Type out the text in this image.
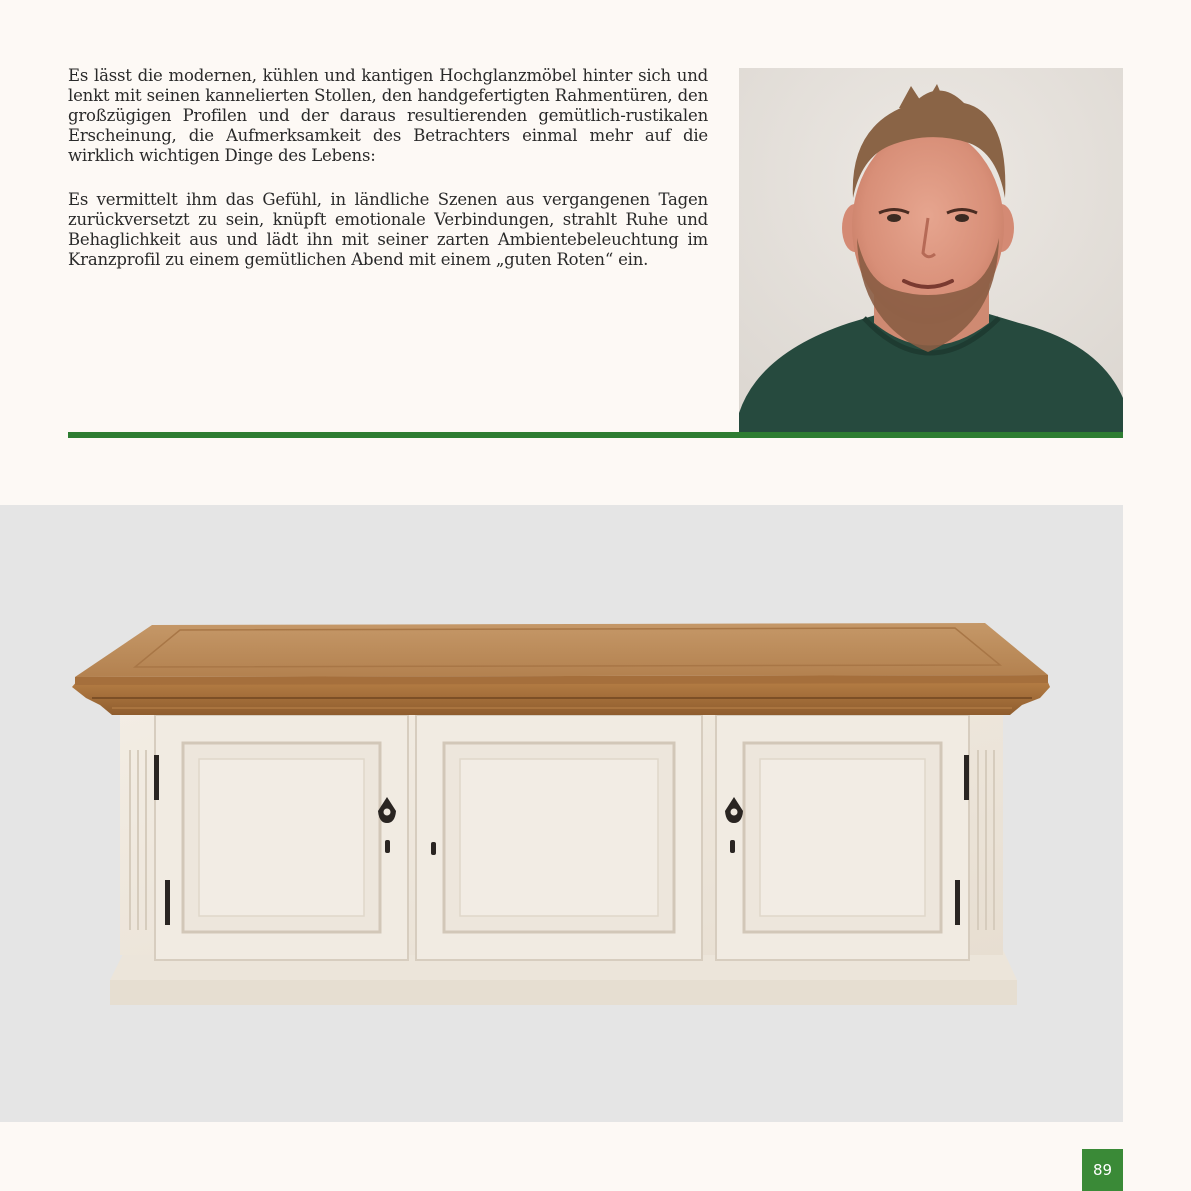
Es lässt die modernen, kühlen und kantigen Hochglanzmöbel hinter sich und lenkt mit seinen kannelierten Stollen, den handgefertigten Rahmentüren, den großzügigen Profilen und der daraus resultierenden gemütlich-rustikalen Erscheinung, die Aufmerksamkeit des Betrachters einmal mehr auf die wirklich wichtigen Dinge des Lebens:

Es vermittelt ihm das Gefühl, in ländliche Szenen aus vergangenen Tagen zurückversetzt zu sein, knüpft emotionale Verbindungen, strahlt Ruhe und Behaglichkeit aus und lädt ihn mit seiner zarten Ambientebeleuchtung im Kranzprofil zu einem gemütlichen Abend mit einem „guten Roten“ ein.

89
